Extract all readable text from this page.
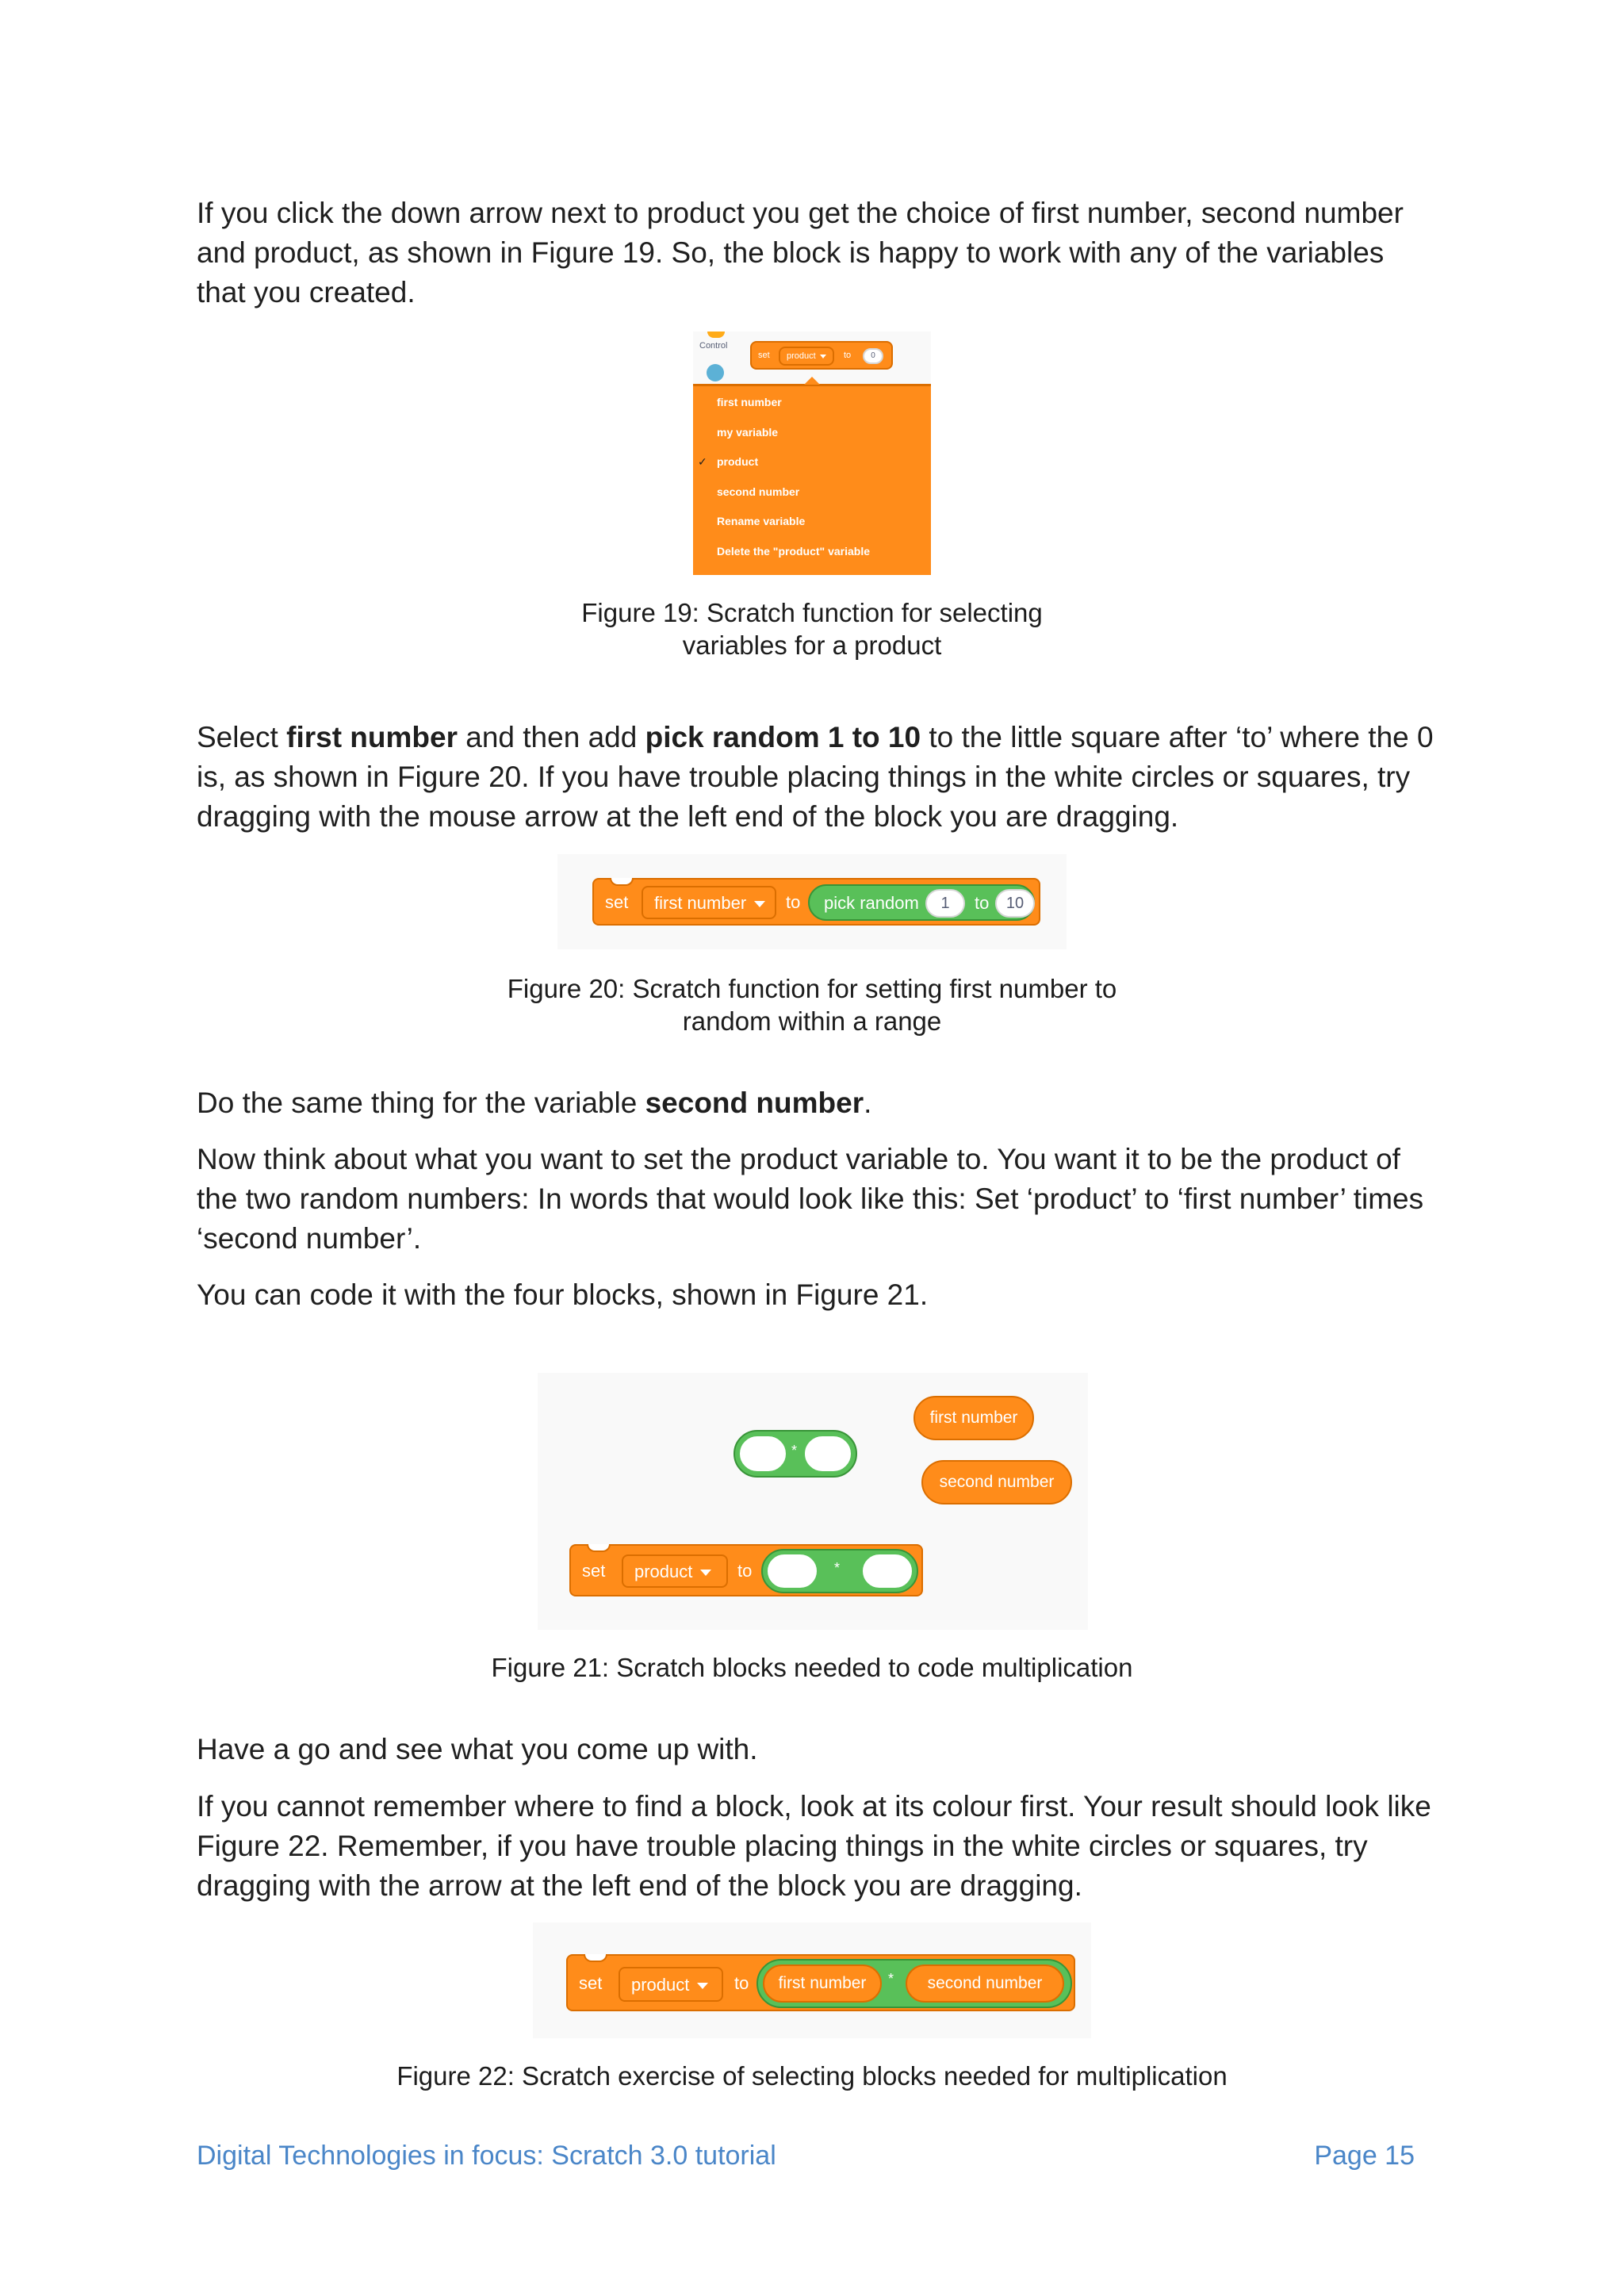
If you click the down arrow next to product you get the choice of first number, second number and product, as shown in Figure 19. So, the block is happy to work with any of the variables that you created.

Control
set	product	to	0
first number
my variable
✓ product
second number
Rename variable
Delete the "product" variable
Figure 19: Scratch function for selecting
variables for a product

Select first number and then add pick random 1 to 10 to the little square after ‘to’ where the 0 is, as shown in Figure 20. If you have trouble placing things in the white circles or squares, try dragging with the mouse arrow at the left end of the block you are dragging.

set	first number	to pick random	1	to	10
Figure 20: Scratch function for setting first number to
random within a range

Do the same thing for the variable second number.

Now think about what you want to set the product variable to. You want it to be the product of the two random numbers: In words that would look like this: Set ‘product’ to ‘first number’ times ‘second number’.

You can code it with the four blocks, shown in Figure 21.

*
first number
second number
set	product	to	*
Figure 21: Scratch blocks needed to code multiplication

Have a go and see what you come up with.

If you cannot remember where to find a block, look at its colour first. Your result should look like Figure 22. Remember, if you have trouble placing things in the white circles or squares, try dragging with the arrow at the left end of the block you are dragging.

set	product	to	first number	*	second number
Figure 22: Scratch exercise of selecting blocks needed for multiplication
Digital Technologies in focus: Scratch 3.0 tutorial	Page 15
